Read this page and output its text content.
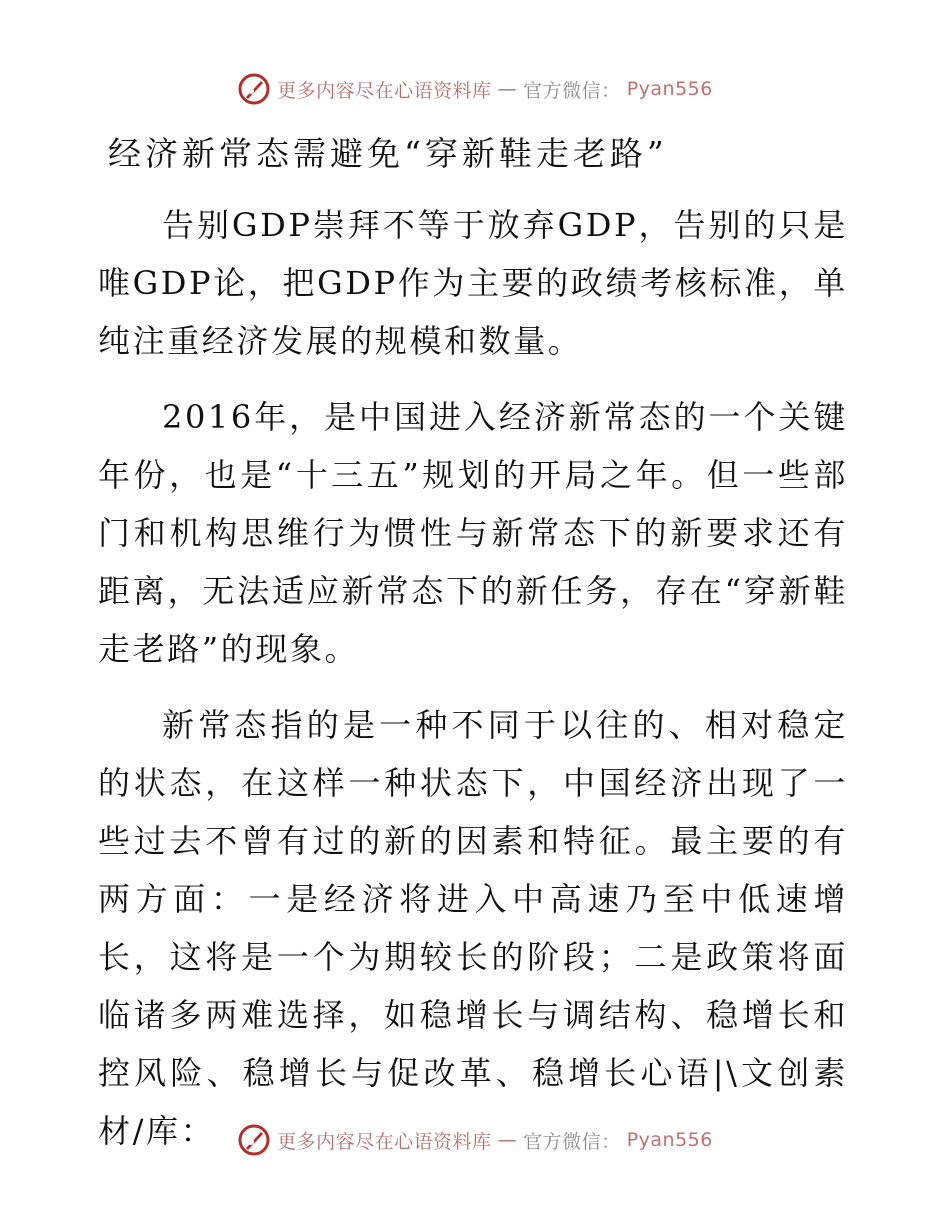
更多内容尽在心语资料库 — 官方微信： Pyan556
经济新常态需避免“穿新鞋走老路”

告别GDP崇拜不等于放弃GDP，告别的只是唯GDP论，把GDP作为主要的政绩考核标准，单纯注重经济发展的规模和数量。

2016年，是中国进入经济新常态的一个关键年份，也是“十三五”规划的开局之年。但一些部门和机构思维行为惯性与新常态下的新要求还有距离，无法适应新常态下的新任务，存在“穿新鞋走老路”的现象。

新常态指的是一种不同于以往的、相对稳定的状态，在这样一种状态下，中国经济出现了一些过去不曾有过的新的因素和特征。最主要的有两方面：一是经济将进入中高速乃至中低速增长，这将是一个为期较长的阶段；二是政策将面临诸多两难选择，如稳增长与调结构、稳增长和控风险、稳增长与促改革、稳增长心语|\文创素材/库：	更多内容尽在心语资料库 — 官方微信： Pyan556
